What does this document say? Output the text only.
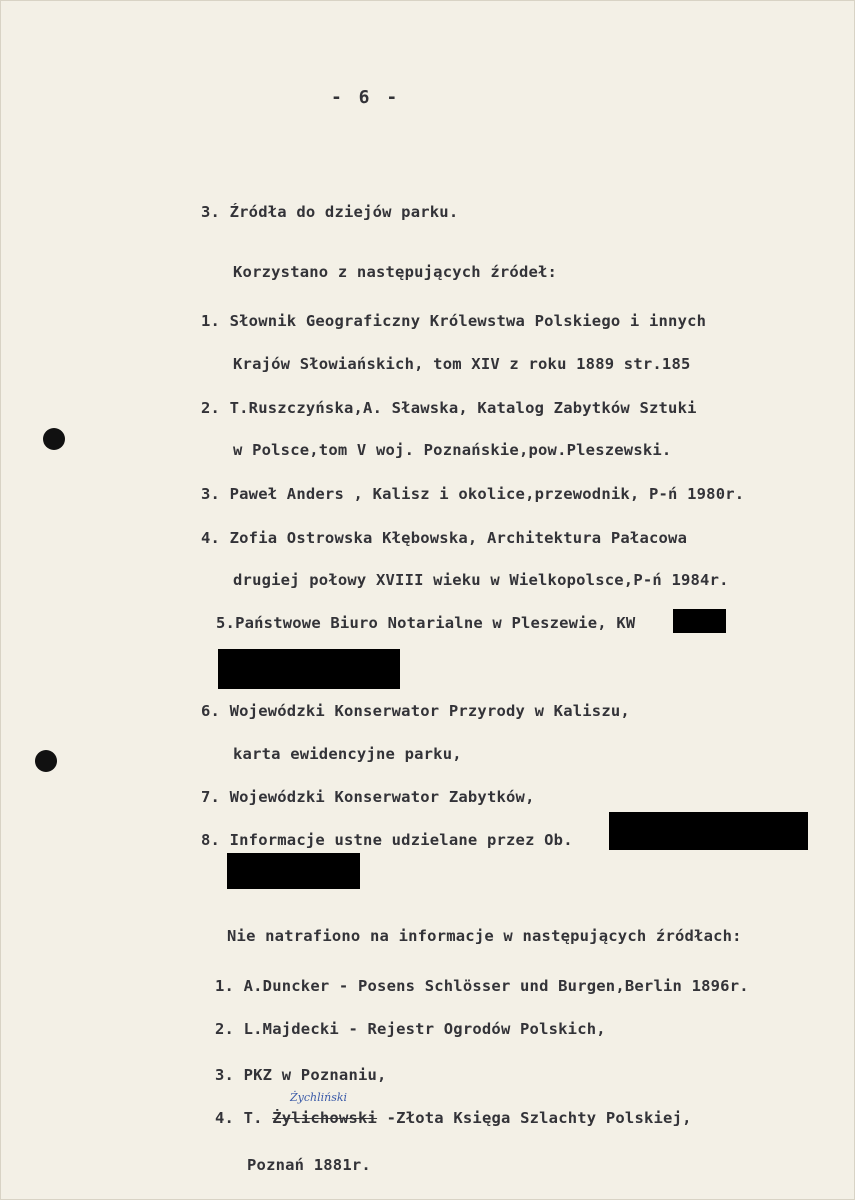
- 6 -
3. Źródła do dziejów parku.
Korzystano z następujących źródeł:
1. Słownik Geograficzny Królewstwa Polskiego i innych
Krajów Słowiańskich, tom XIV z roku 1889 str.185
2. T.Ruszczyńska,A. Sławska, Katalog Zabytków Sztuki
w Polsce,tom V woj. Poznańskie,pow.Pleszewski.
3. Paweł Anders , Kalisz i okolice,przewodnik, P-ń 1980r.
4. Zofia Ostrowska Kłębowska, Architektura Pałacowa
drugiej połowy XVIII wieku w Wielkopolsce,P-ń 1984r.
5.Państwowe Biuro Notarialne w Pleszewie, KW
6. Wojewódzki Konserwator Przyrody w Kaliszu,
karta ewidencyjne parku,
7. Wojewódzki Konserwator Zabytków,
8. Informacje ustne udzielane przez Ob.
Nie natrafiono na informacje w następujących źródłach:
1. A.Duncker - Posens Schlösser und Burgen,Berlin 1896r.
2. L.Majdecki - Rejestr Ogrodów Polskich,
3. PKZ w Poznaniu,
Żychliński
4. T. Żylichowski -Złota Księga Szlachty Polskiej,
Poznań 1881r.
